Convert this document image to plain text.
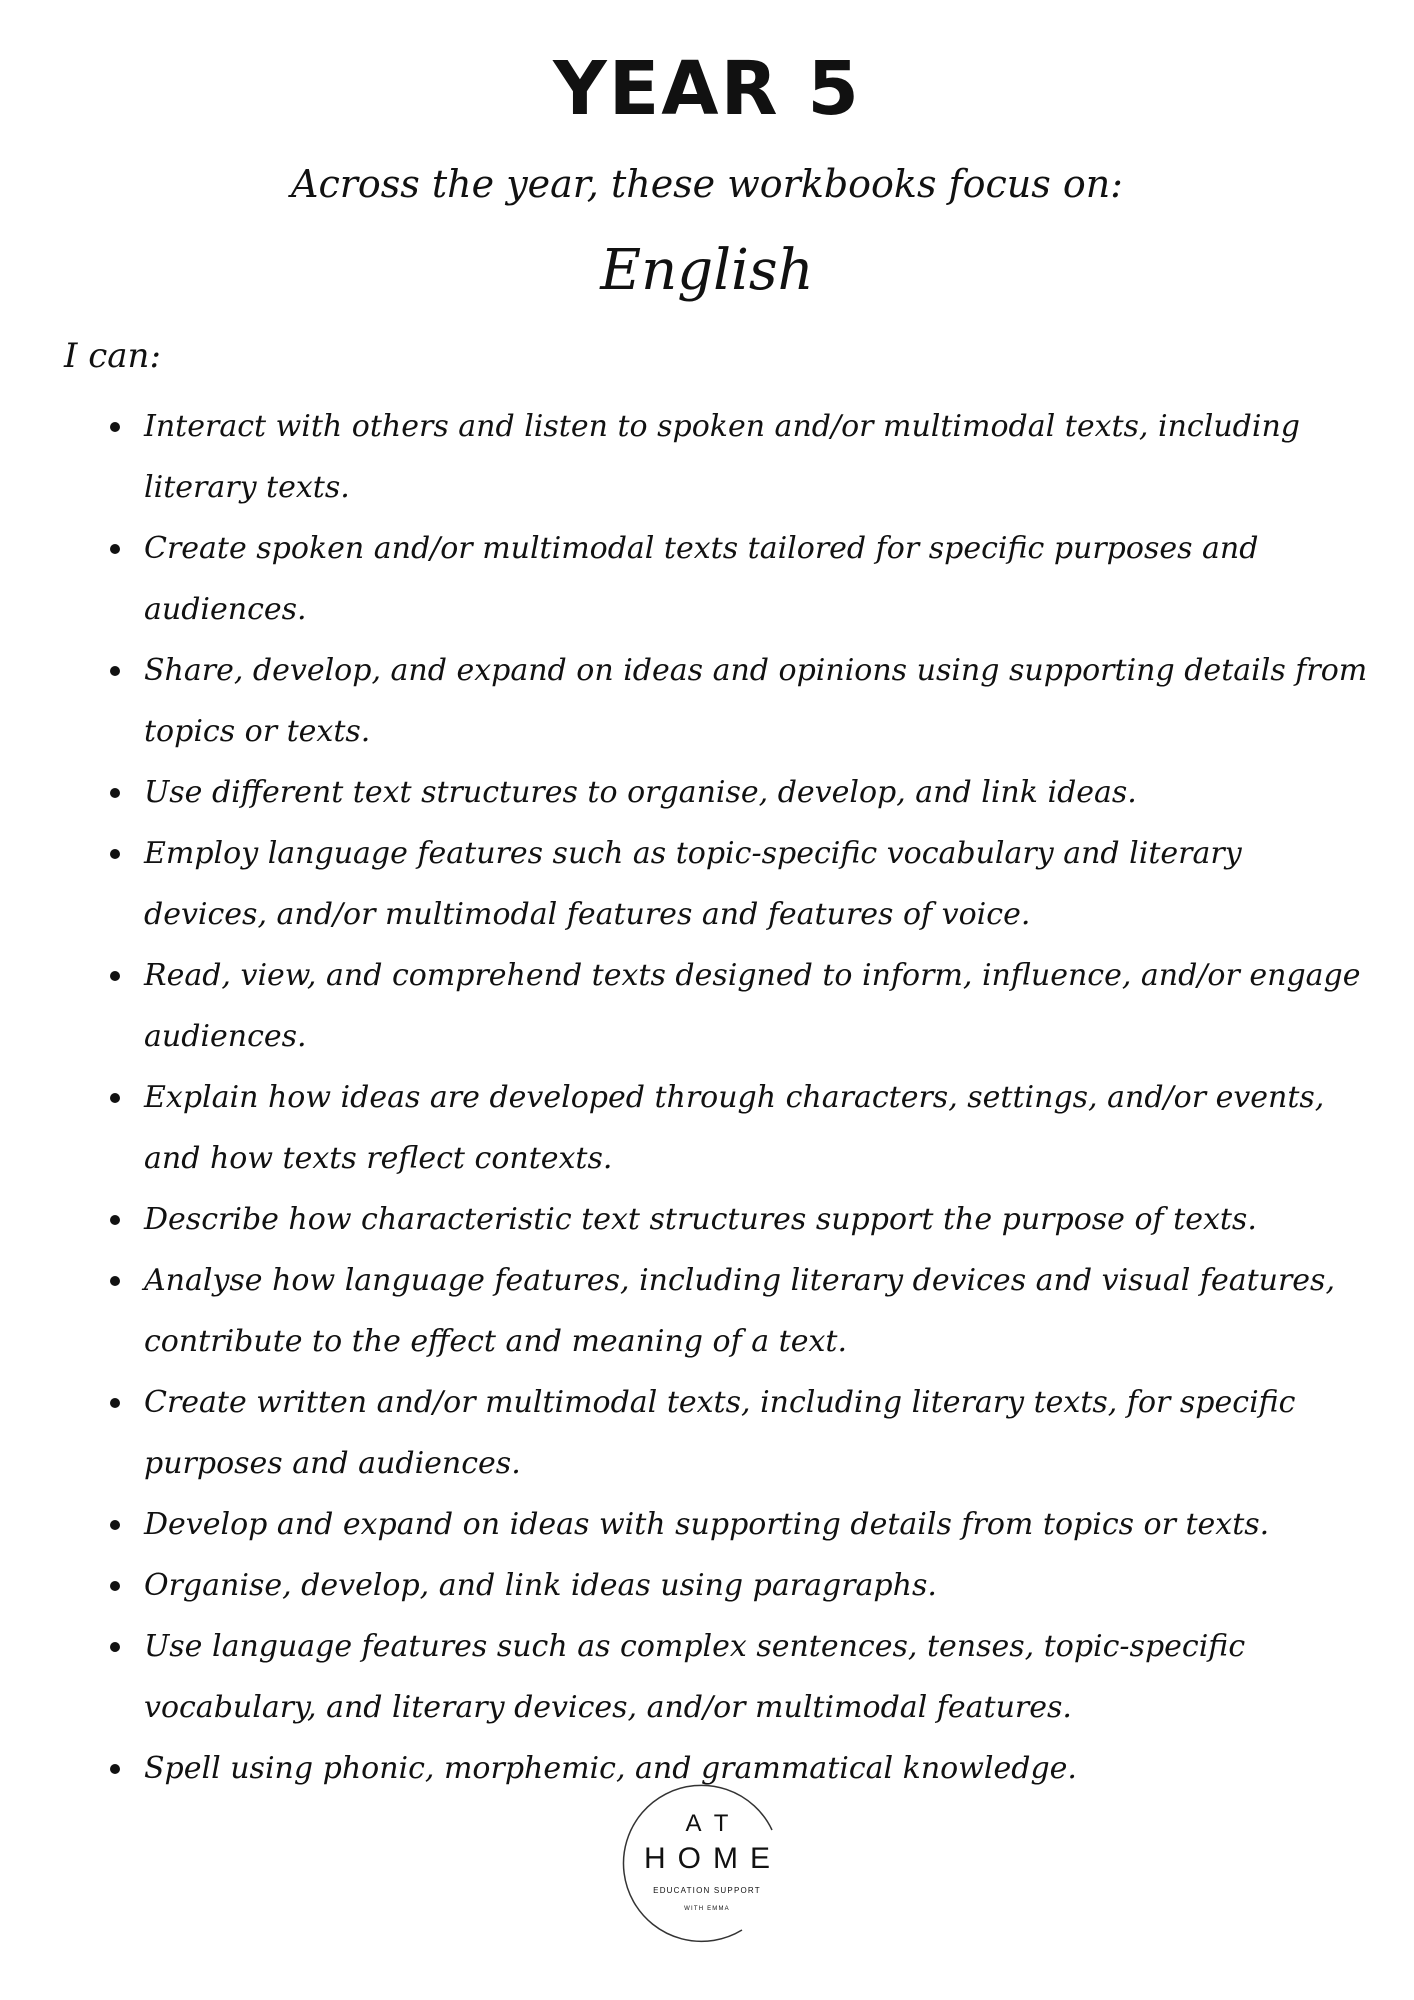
YEAR 5
Across the year, these workbooks focus on:
English
I can:
Interact with others and listen to spoken and/or multimodal texts, including literary texts.
Create spoken and/or multimodal texts tailored for specific purposes and audiences.
Share, develop, and expand on ideas and opinions using supporting details from topics or texts.
Use different text structures to organise, develop, and link ideas.
Employ language features such as topic-specific vocabulary and literary devices, and/or multimodal features and features of voice.
Read, view, and comprehend texts designed to inform, influence, and/or engage audiences.
Explain how ideas are developed through characters, settings, and/or events, and how texts reflect contexts.
Describe how characteristic text structures support the purpose of texts.
Analyse how language features, including literary devices and visual features, contribute to the effect and meaning of a text.
Create written and/or multimodal texts, including literary texts, for specific purposes and audiences.
Develop and expand on ideas with supporting details from topics or texts.
Organise, develop, and link ideas using paragraphs.
Use language features such as complex sentences, tenses, topic-specific vocabulary, and literary devices, and/or multimodal features.
Spell using phonic, morphemic, and grammatical knowledge.
AT
HOME
EDUCATION SUPPORT
WITH EMMA
